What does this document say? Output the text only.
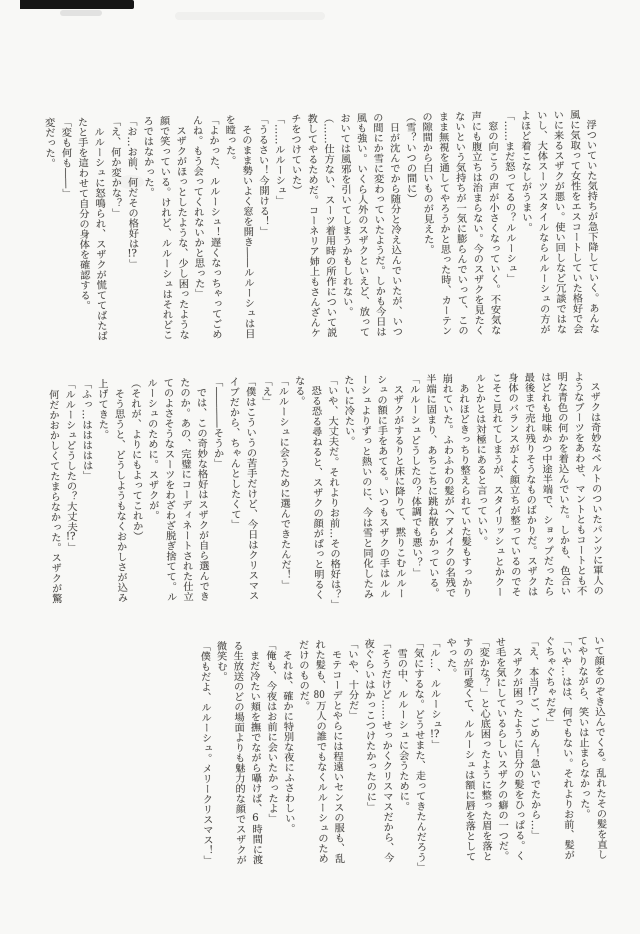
　浮ついていた気持ちが急下降していく。あんな
風に気取って女性をエスコートしていた格好で会
いに来るスザクが悪い。使い回しなど冗談ではな
いし、大体スーツスタイルならルルーシュの方が
よほど着こなしがうまい。
「……まだ怒ってるの？ルルーシュ」
　窓の向こうの声が小さくなっていく。不安気な
声にも腹立ちは治まらない。今のスザクを見たく
ないという気持ちが一気に膨らんでいって、この
まま無視を通してやろうかと思った時、カーテン
の隙間から白いものが見えた。
（雪？いつの間に）
　日が沈んでから随分と冷え込んでいたが、いつ
の間にか雪に変わっていたようだ。しかも今日は
風も強い。いくら人外のスザクといえど、放って
おいては風邪を引いてしまうかもしれない。
（……仕方ない、スーツ着用時の所作について説
教してやるためだ。コーネリア姉上もさんざんケ
チをつけていた）
「……ルルーシュ」
「うるさい！今開ける！」
　そのまま勢いよく窓を開き――ルルーシュは目
を瞠った。
「よかった、ルルーシュ！遅くなっちゃってごめ
んね。もう会ってくれないかと思った」
　スザクがほっとしたような、少し困ったような
顔で笑っている。けれど、ルルーシュはそれどこ
ろではなかった。
「お…お前、何だその格好は!?」
「え、何か変かな？」
　ルルーシュに怒鳴られ、スザクが慌ててばたば
たと手を這わせて自分の身体を確認する。
「変も何も――」
変だった。
　スザクは奇妙なベルトのついたパンツに軍人の
ようなブーツをあわせ、マントともコートとも不
明な青色の何かを着込んでいた。しかも、色合い
はどれも地味かつ中途半端で、ショップだったら
最後まで売れ残りそうなものばかりだ。スザクは
身体のバランスがよく顔立ちが整っているのでそ
こそこ見れてしまうが、スタイリッシュとかクー
ルとかとは対極にあると言っていい。
　あれほどきっちり整えられていた髪もすっかり
崩れていた。ふわふわの髪がヘアメイクの名残で
半端に固まり、あちこちに跳ね散らかっている。
「ルルーシュどうしたの？体調でも悪い？」
　スザクがするりと床に降りて、黙りこむルルー
シュの額に手をあてる。いつもスザクの手はルル
ーシュよりずっと熱いのに、今は雪と同化したみ
たいに冷たい。
「いや、大丈夫だ。それよりお前…その格好は？」
　恐る恐る尋ねると、スザクの顔がぱっと明るく
なる。
「ルルーシュに会うために選んできたんだ！」
「え」
「僕はこういうの苦手だけど、今日はクリスマス
イブだから、ちゃんとしたくて」
「――――そうか」
　では、この奇妙な格好はスザクが自ら選んでき
たのか。あの、完璧にコーディネートされた仕立
てのよさそうなスーツをわざわざ脱ぎ捨てて。ル
ルーシュのために。スザクが。
（それが、よりにもよってこれか）
　そう思うと、どうしようもなくおかしさが込み
上げてきた。
「ふっ…ははははは」
「ルルーシュどうしたの？大丈夫!?」
　何だかおかしくてたまらなかった。スザクが驚
いて顔をのぞき込んでくる。乱れたその髪を直し
てやりながら、笑いは止まらなかった。
「いや…はは、何でもない。それよりお前、髪が
ぐちゃぐちゃだぞ」
「え、本当!?ご、ごめん！急いでたから…」
　スザクが困ったように自分の髪をひっぱる。く
せ毛を気にしているらしいスザクの癖の一つだ。
「変かな？」と心底困ったように整った眉を落と
すのが可愛くて、ルルーシュは額に唇を落として
やった。
「ル…、ルルーシュ!?」
「気にするな。どうせまた、走ってきたんだろう」
　雪の中、ルルーシュに会うために。
「そうだけど……せっかくクリスマスだから、今
夜ぐらいはかっこつけたかったのに」
「いや、十分だ」
　モテコーデとやらには程遠いセンスの服も、乱
れた髪も、80万人の誰でもなくルルーシュのため
だけのものだ。
　それは、確かに特別な夜にふさわしい。
「俺も、今夜はお前に会いたかったよ」
　まだ冷たい頬を撫でながら囁けば、6時間に渡
る生放送のどの場面よりも魅力的な顔でスザクが
微笑む。
「僕もだよ、ルルーシュ。メリークリスマス！」
